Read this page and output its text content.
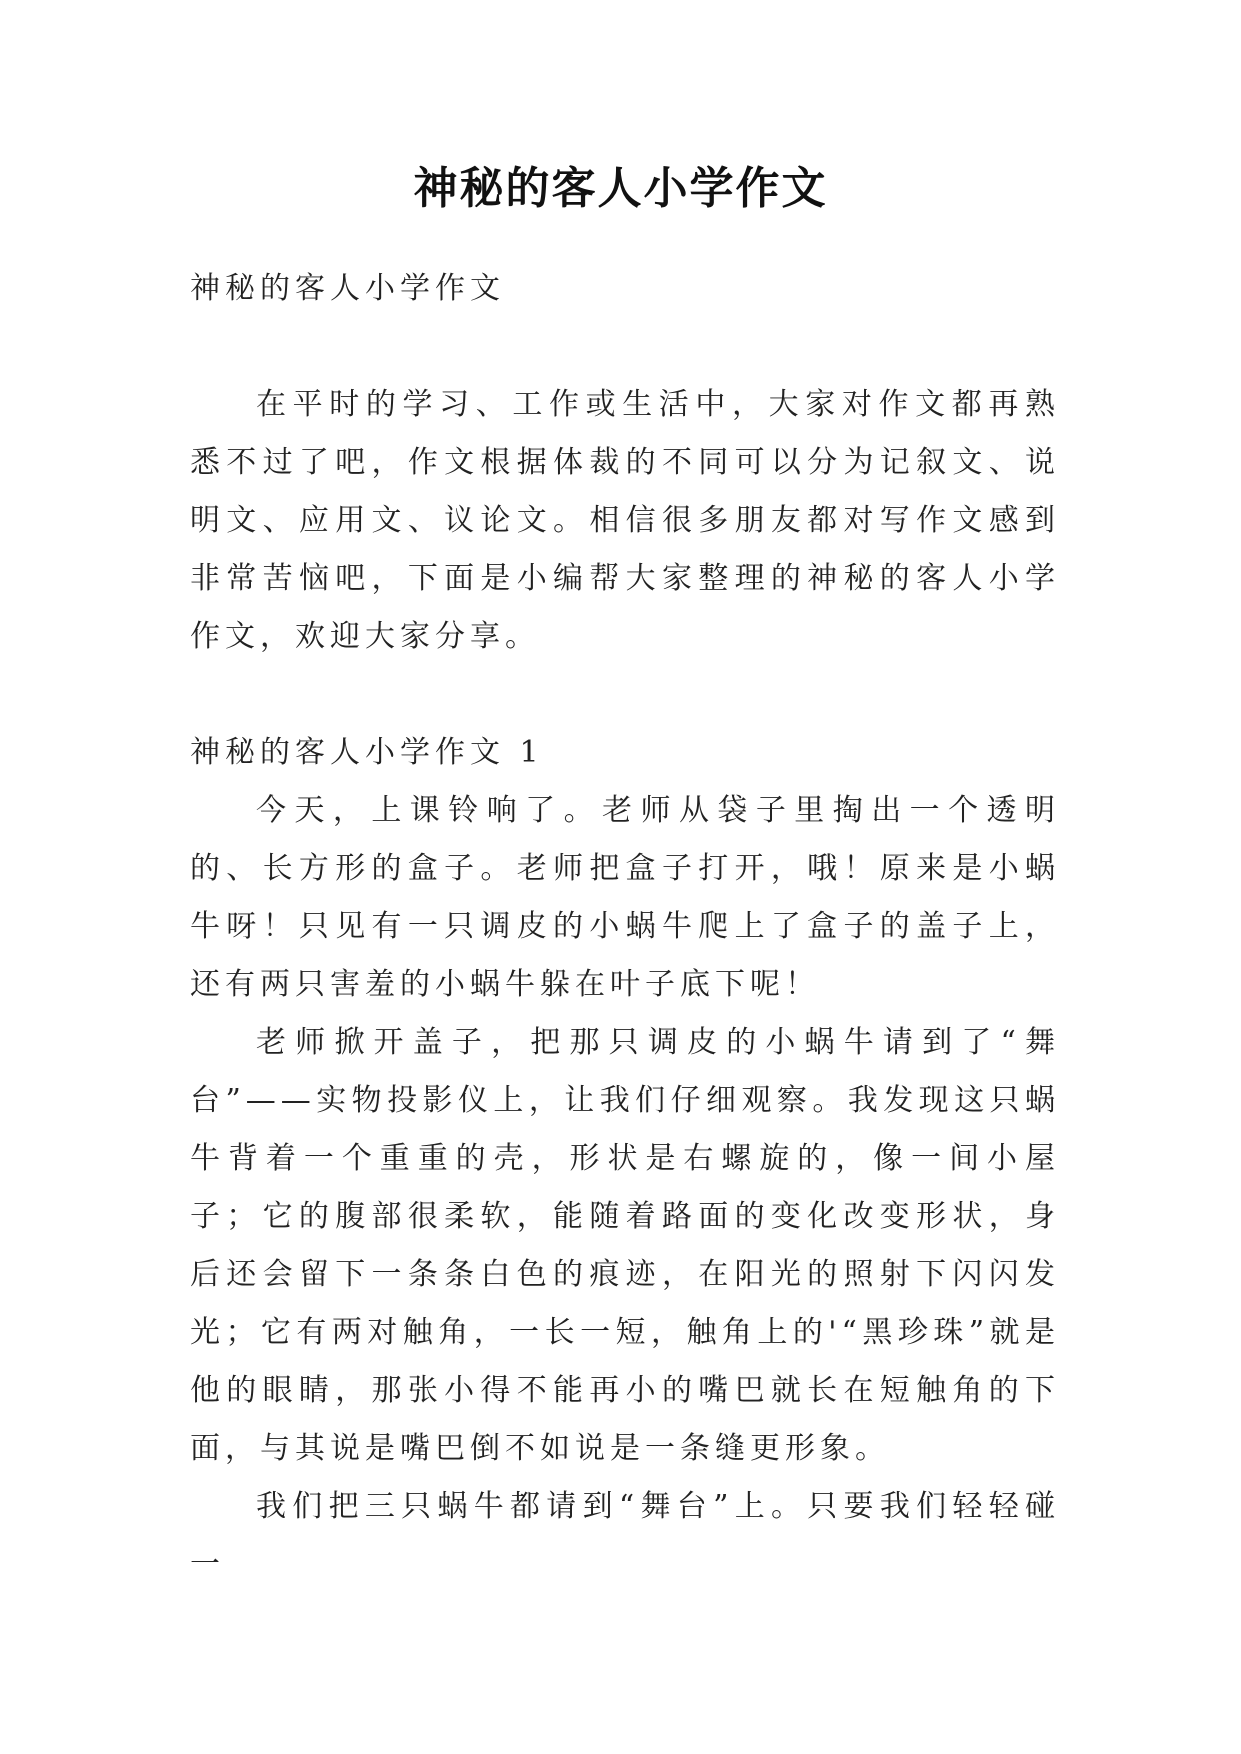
神秘的客人小学作文

神秘的客人小学作文

在平时的学习、工作或生活中，大家对作文都再熟悉不过了吧，作文根据体裁的不同可以分为记叙文、说明文、应用文、议论文。相信很多朋友都对写作文感到非常苦恼吧，下面是小编帮大家整理的神秘的客人小学作文，欢迎大家分享。

神秘的客人小学作文 1

今天，上课铃响了。老师从袋子里掏出一个透明的、长方形的盒子。老师把盒子打开，哦！原来是小蜗牛呀！只见有一只调皮的小蜗牛爬上了盒子的盖子上，还有两只害羞的小蜗牛躲在叶子底下呢！

老师掀开盖子，把那只调皮的小蜗牛请到了“舞台”——实物投影仪上，让我们仔细观察。我发现这只蜗牛背着一个重重的壳，形状是右螺旋的，像一间小屋子；它的腹部很柔软，能随着路面的变化改变形状，身后还会留下一条条白色的痕迹，在阳光的照射下闪闪发光；它有两对触角，一长一短，触角上的'“黑珍珠”就是他的眼睛，那张小得不能再小的嘴巴就长在短触角的下面，与其说是嘴巴倒不如说是一条缝更形象。

我们把三只蜗牛都请到“舞台”上。只要我们轻轻碰一
